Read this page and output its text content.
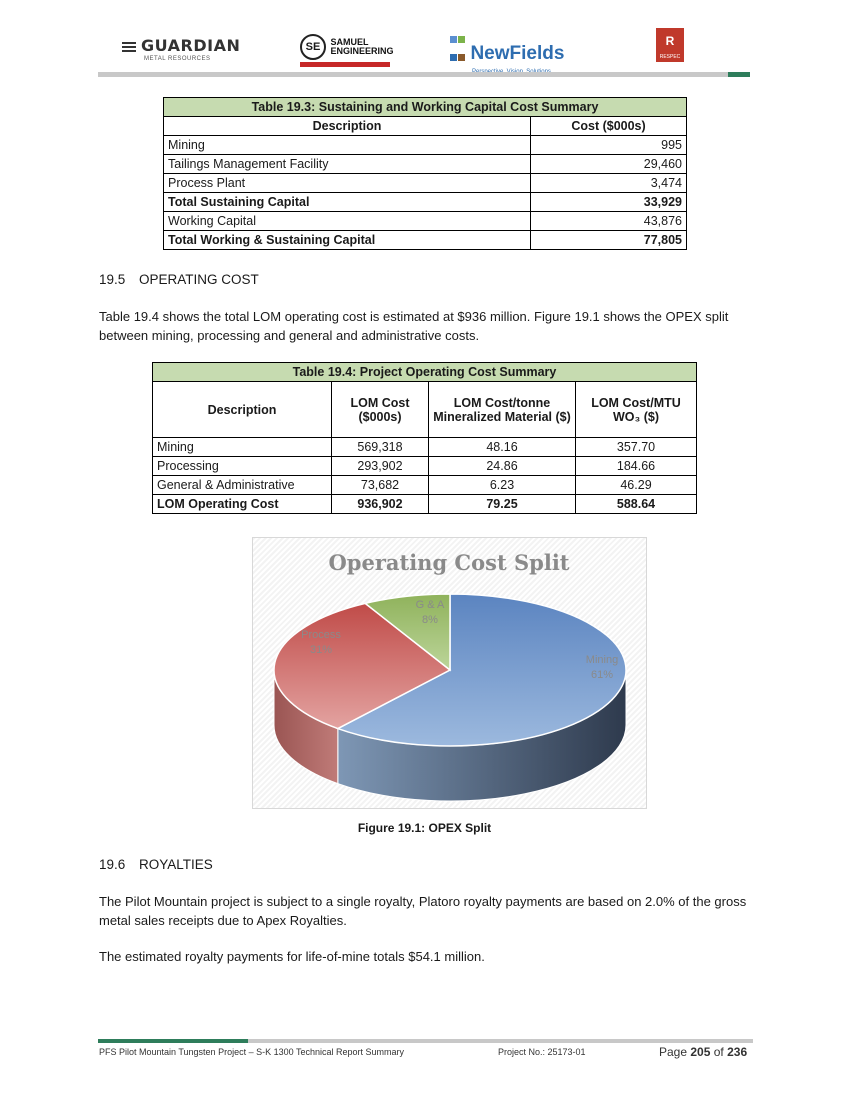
GUARDIAN
METAL RESOURCES
SE SAMUEL
ENGINEERING	NewFields
R
RESPEC
Table 19.3: Sustaining and Working Capital Cost Summary	
Description	Cost ($000s)
Mining	995
Tailings Management Facility	29,460
Process Plant	3,474
Total Sustaining Capital	33,929
Working Capital	43,876
Total Working & Sustaining Capital	77,805
19.5 OPERATING COST
Table 19.4 shows the total LOM operating cost is estimated at $936 million. Figure 19.1 shows the OPEX split between mining, processing and general and administrative costs.
Table 19.4: Project Operating Cost Summary			
Description	LOM Cost ($000s)	LOM Cost/tonne Mineralized Material ($)	LOM Cost/MTU WO₃ ($)
Mining	569,318	48.16	357.70
Processing	293,902	24.86	184.66
General & Administrative	73,682	6.23	46.29
LOM Operating Cost	936,902	79.25	588.64
Operating Cost Split
Mining
61%
Process
31%
G & A
8%
Figure 19.1: OPEX Split
19.6 ROYALTIES
The Pilot Mountain project is subject to a single royalty, Platoro royalty payments are based on 2.0% of the gross metal sales receipts due to Apex Royalties.
The estimated royalty payments for life-of-mine totals $54.1 million.
PFS Pilot Mountain Tungsten Project – S-K 1300 Technical Report Summary	Project No.: 25173-01	Page 205 of 236
